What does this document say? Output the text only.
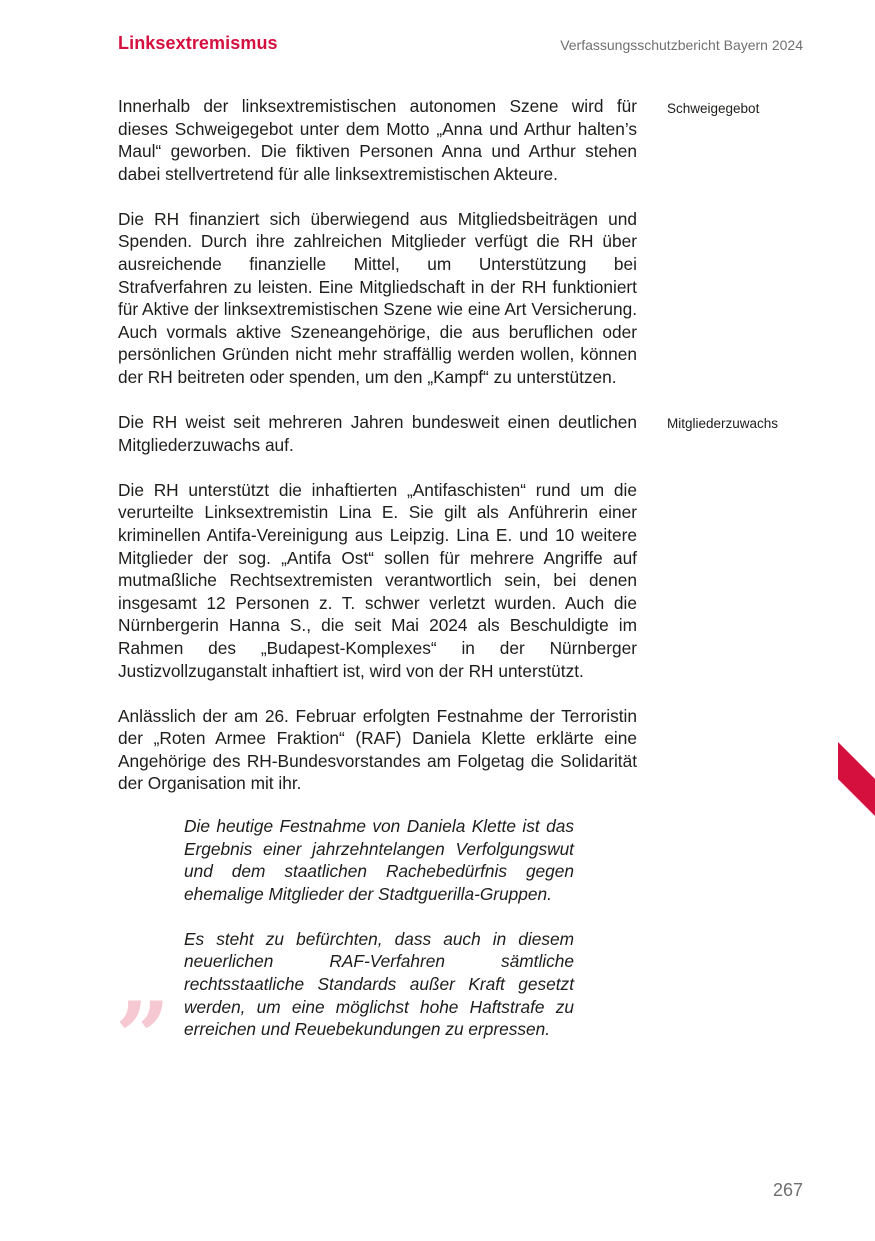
Linksextremismus	Verfassungsschutzbericht Bayern 2024

Innerhalb der linksextremistischen autonomen Szene wird für dieses Schweigegebot unter dem Motto „Anna und Arthur halten’s Maul“ geworben. Die fiktiven Personen Anna und Arthur stehen dabei stellvertretend für alle linksextremistischen Akteure.

Die RH finanziert sich überwiegend aus Mitgliedsbeiträgen und Spenden. Durch ihre zahlreichen Mitglieder verfügt die RH über ausreichende finanzielle Mittel, um Unterstützung bei Strafverfahren zu leisten. Eine Mitgliedschaft in der RH funktioniert für Aktive der linksextremistischen Szene wie eine Art Versicherung. Auch vormals aktive Szeneangehörige, die aus beruflichen oder persönlichen Gründen nicht mehr straffällig werden wollen, können der RH beitreten oder spenden, um den „Kampf“ zu unterstützen.

Die RH weist seit mehreren Jahren bundesweit einen deutlichen Mitgliederzuwachs auf.

Die RH unterstützt die inhaftierten „Antifaschisten“ rund um die verurteilte Linksextremistin Lina E. Sie gilt als Anführerin einer kriminellen Antifa-Vereinigung aus Leipzig. Lina E. und 10 weitere Mitglieder der sog. „Antifa Ost“ sollen für mehrere Angriffe auf mutmaßliche Rechtsextremisten verantwortlich sein, bei denen insgesamt 12 Personen z. T. schwer verletzt wurden. Auch die Nürnbergerin Hanna S., die seit Mai 2024 als Beschuldigte im Rahmen des „Budapest-Komplexes“ in der Nürnberger Justizvollzuganstalt inhaftiert ist, wird von der RH unterstützt.

Anlässlich der am 26. Februar erfolgten Festnahme der Terroristin der „Roten Armee Fraktion“ (RAF) Daniela Klette erklärte eine Angehörige des RH-Bundesvorstandes am Folgetag die Solidarität der Organisation mit ihr.

Schweigegebot
Mitgliederzuwachs
”

Die heutige Festnahme von Daniela Klette ist das Ergebnis einer jahrzehntelangen Verfolgungswut und dem staatlichen Rachebedürfnis gegen ehemalige Mitglieder der Stadtguerilla-Gruppen.

Es steht zu befürchten, dass auch in diesem neuerlichen RAF-Verfahren sämtliche rechtsstaatliche Standards außer Kraft gesetzt werden, um eine möglichst hohe Haftstrafe zu erreichen und Reuebekundungen zu erpressen.

267
